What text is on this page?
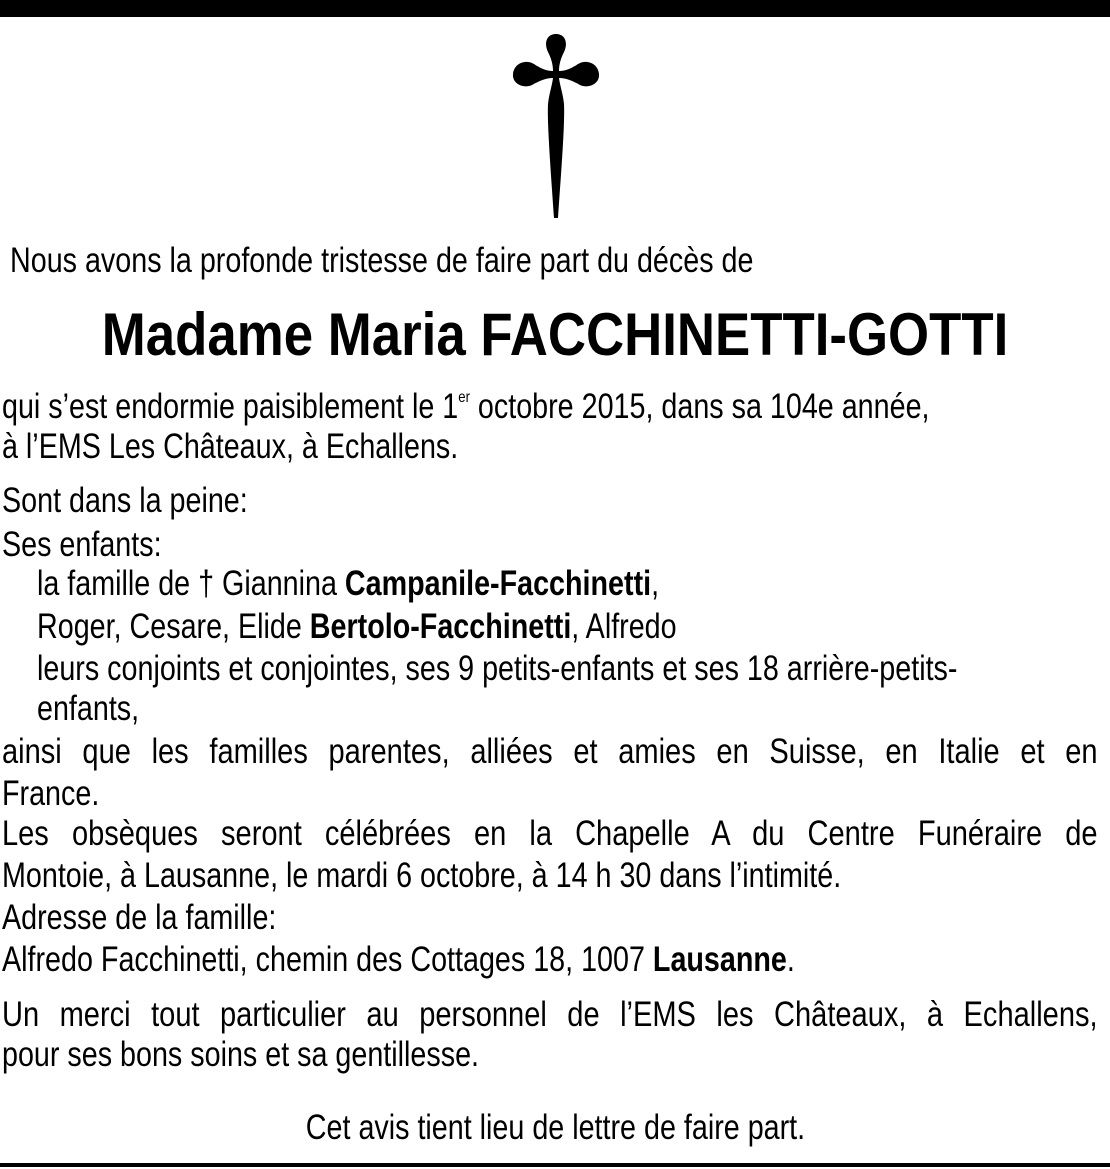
Nous avons la profonde tristesse de faire part du décès de
Madame Maria FACCHINETTI-GOTTI
qui s’est endormie paisiblement le 1er octobre 2015, dans sa 104e année,
à l’EMS Les Châteaux, à Echallens.
Sont dans la peine:
Ses enfants:
la famille de † Giannina Campanile-Facchinetti,
Roger, Cesare, Elide Bertolo-Facchinetti, Alfredo
leurs conjoints et conjointes, ses 9 petits-enfants et ses 18 arrière-petits-
enfants,
ainsi que les familles parentes, alliées et amies en Suisse, en Italie et en
France.
Les obsèques seront célébrées en la Chapelle A du Centre Funéraire de
Montoie, à Lausanne, le mardi 6 octobre, à 14 h 30 dans l’intimité.
Adresse de la famille:
Alfredo Facchinetti, chemin des Cottages 18, 1007 Lausanne.
Un merci tout particulier au personnel de l’EMS les Châteaux, à Echallens,
pour ses bons soins et sa gentillesse.
Cet avis tient lieu de lettre de faire part.
